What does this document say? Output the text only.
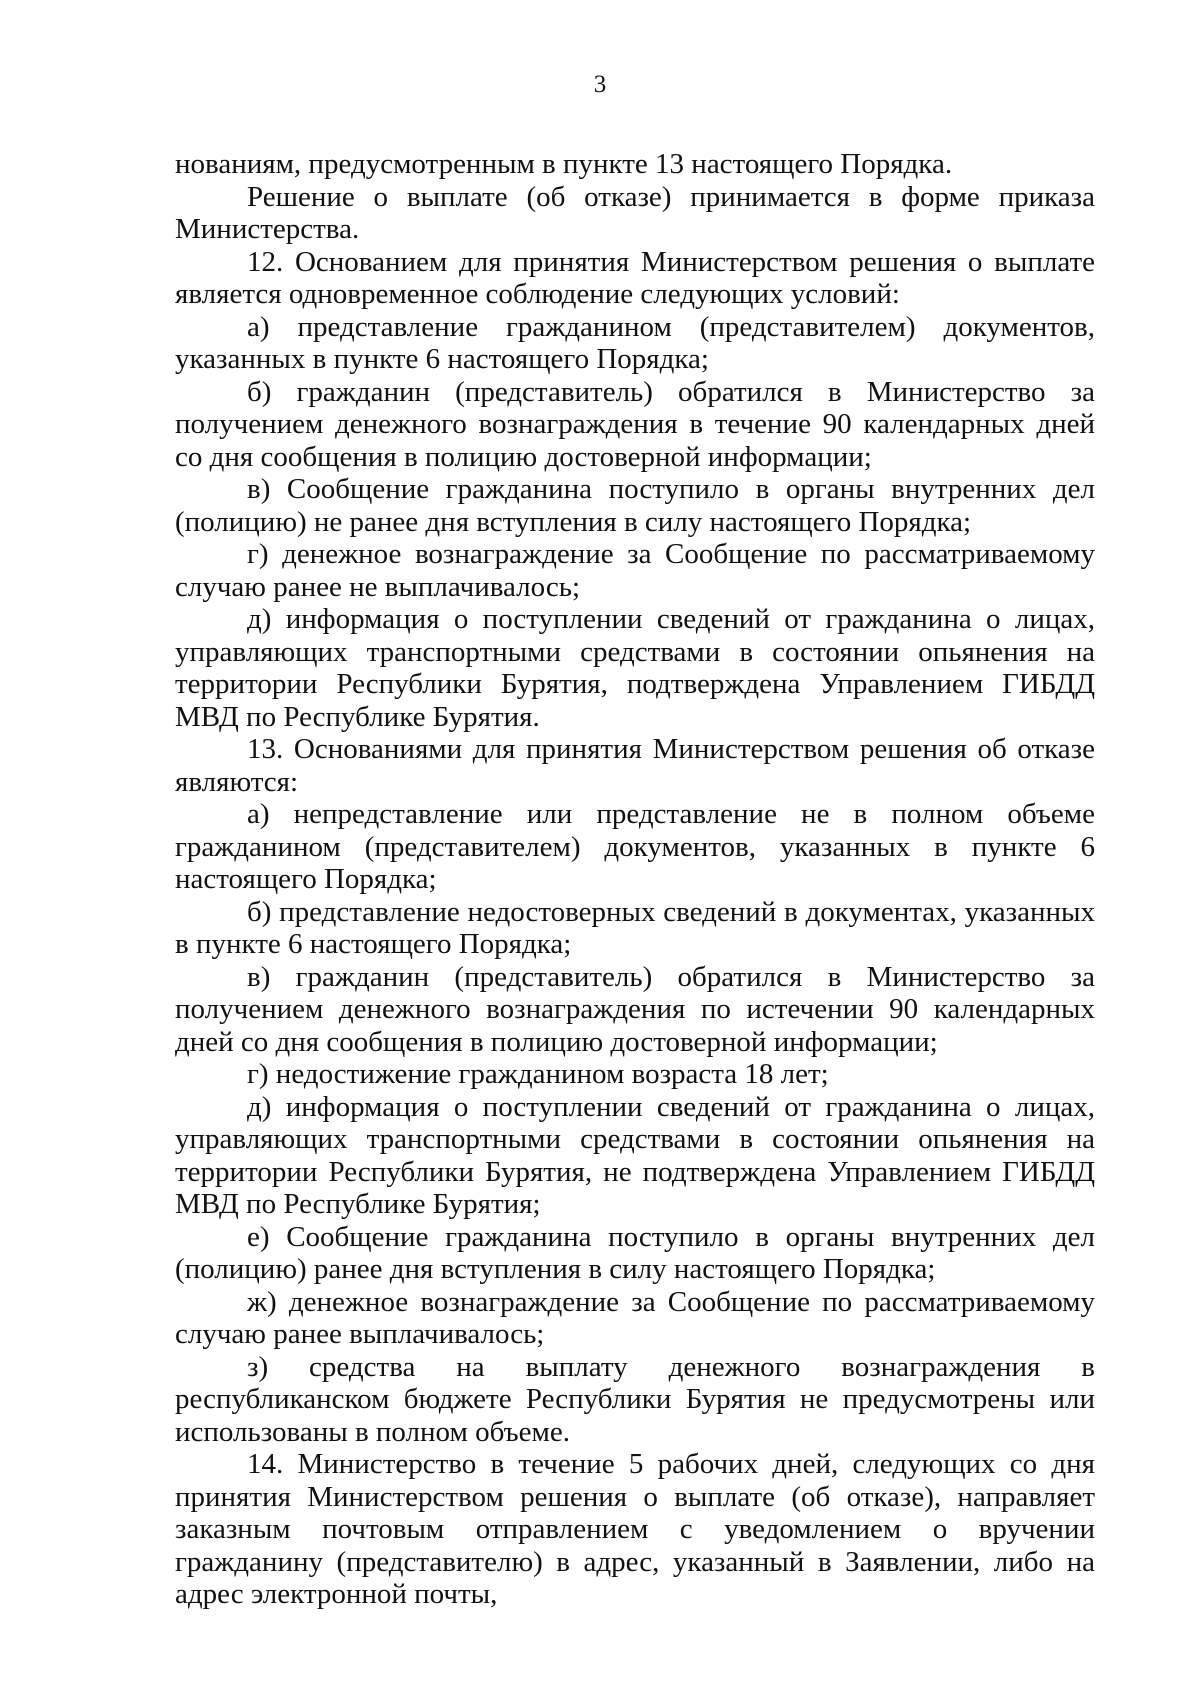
3

нованиям, предусмотренным в пункте 13 настоящего Порядка.

Решение о выплате (об отказе) принимается в форме приказа Министерства.

12. Основанием для принятия Министерством решения о выплате является одновременное соблюдение следующих условий:

а) представление гражданином (представителем) документов, указанных в пункте 6 настоящего Порядка;

б) гражданин (представитель) обратился в Министерство за получением денежного вознаграждения в течение 90 календарных дней со дня сообщения в полицию достоверной информации;

в) Сообщение гражданина поступило в органы внутренних дел (полицию) не ранее дня вступления в силу настоящего Порядка;

г) денежное вознаграждение за Сообщение по рассматриваемому случаю ранее не выплачивалось;

д) информация о поступлении сведений от гражданина о лицах, управляющих транспортными средствами в состоянии опьянения на территории Республики Бурятия, подтверждена Управлением ГИБДД МВД по Республике Бурятия.

13. Основаниями для принятия Министерством решения об отказе являются:

а) непредставление или представление не в полном объеме гражданином (представителем) документов, указанных в пункте 6 настоящего Порядка;

б) представление недостоверных сведений в документах, указанных в пункте 6 настоящего Порядка;

в) гражданин (представитель) обратился в Министерство за получением денежного вознаграждения по истечении 90 календарных дней со дня сообщения в полицию достоверной информации;

г) недостижение гражданином возраста 18 лет;

д) информация о поступлении сведений от гражданина о лицах, управляющих транспортными средствами в состоянии опьянения на территории Республики Бурятия, не подтверждена Управлением ГИБДД МВД по Республике Бурятия;

е) Сообщение гражданина поступило в органы внутренних дел (полицию) ранее дня вступления в силу настоящего Порядка;

ж) денежное вознаграждение за Сообщение по рассматриваемому случаю ранее выплачивалось;

з) средства на выплату денежного вознаграждения в республиканском бюджете Республики Бурятия не предусмотрены или использованы в полном объеме.

14. Министерство в течение 5 рабочих дней, следующих со дня принятия Министерством решения о выплате (об отказе), направляет заказным почтовым отправлением с уведомлением о вручении гражданину (представителю) в адрес, указанный в Заявлении, либо на адрес электронной почты,
